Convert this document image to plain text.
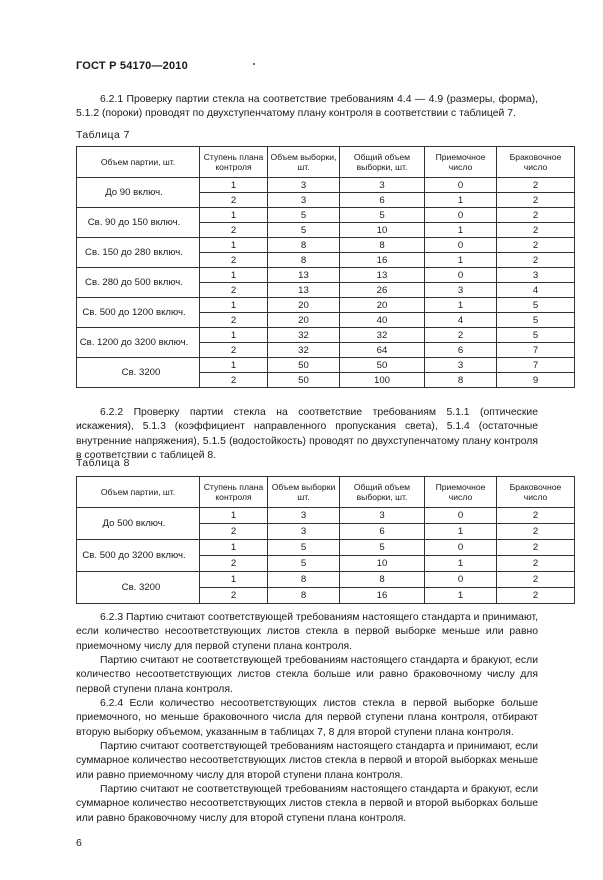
ГОСТ Р 54170—2010

6.2.1 Проверку партии стекла на соответствие требованиям 4.4 — 4.9 (размеры, форма), 5.1.2 (пороки) проводят по двухступенчатому плану контроля в соответствии с таблицей 7.

Таблица 7
Объем партии, шт.	Ступень плана контроля	Объем выборки, шт.	Общий объем выборки, шт.	Приемочное число	Браковочное число
До 90 включ.	1	3	3	0	2
	2	3	6	1	2
Св. 90 до 150 включ.	1	5	5	0	2
	2	5	10	1	2
Св. 150 до 280 включ.	1	8	8	0	2
	2	8	16	1	2
Св. 280 до 500 включ.	1	13	13	0	3
	2	13	26	3	4
Св. 500 до 1200 включ.	1	20	20	1	5
	2	20	40	4	5
Св. 1200 до 3200 включ.	1	32	32	2	5
	2	32	64	6	7
Св. 3200	1	50	50	3	7
	2	50	100	8	9

6.2.2 Проверку партии стекла на соответствие требованиям 5.1.1 (оптические искажения), 5.1.3 (коэффициент направленного пропускания света), 5.1.4 (остаточные внутренние напряжения), 5.1.5 (водостойкость) проводят по двухступенчатому плану контроля в соответствии с таблицей 8.

Таблица 8
Объем партии, шт.	Ступень плана контроля	Объем выборки шт.	Общий объем выборки, шт.	Приемочное число	Браковочное число
До 500 включ.	1	3	3	0	2
	2	3	6	1	2
Св. 500 до 3200 включ.	1	5	5	0	2
	2	5	10	1	2
Св. 3200	1	8	8	0	2
	2	8	16	1	2

6.2.3 Партию считают соответствующей требованиям настоящего стандарта и принимают, если количество несоответствующих листов стекла в первой выборке меньше или равно приемочному числу для первой ступени плана контроля.

Партию считают не соответствующей требованиям настоящего стандарта и бракуют, если количество несоответствующих листов стекла больше или равно браковочному числу для первой ступени плана контроля.

6.2.4 Если количество несоответствующих листов стекла в первой выборке больше приемочного, но меньше браковочного числа для первой ступени плана контроля, отбирают вторую выборку объемом, указанным в таблицах 7, 8 для второй ступени плана контроля.

Партию считают соответствующей требованиям настоящего стандарта и принимают, если суммарное количество несоответствующих листов стекла в первой и второй выборках меньше или равно приемочному числу для второй ступени плана контроля.

Партию считают не соответствующей требованиям настоящего стандарта и бракуют, если суммарное количество несоответствующих листов стекла в первой и второй выборках больше или равно браковочному числу для второй ступени плана контроля.

6
